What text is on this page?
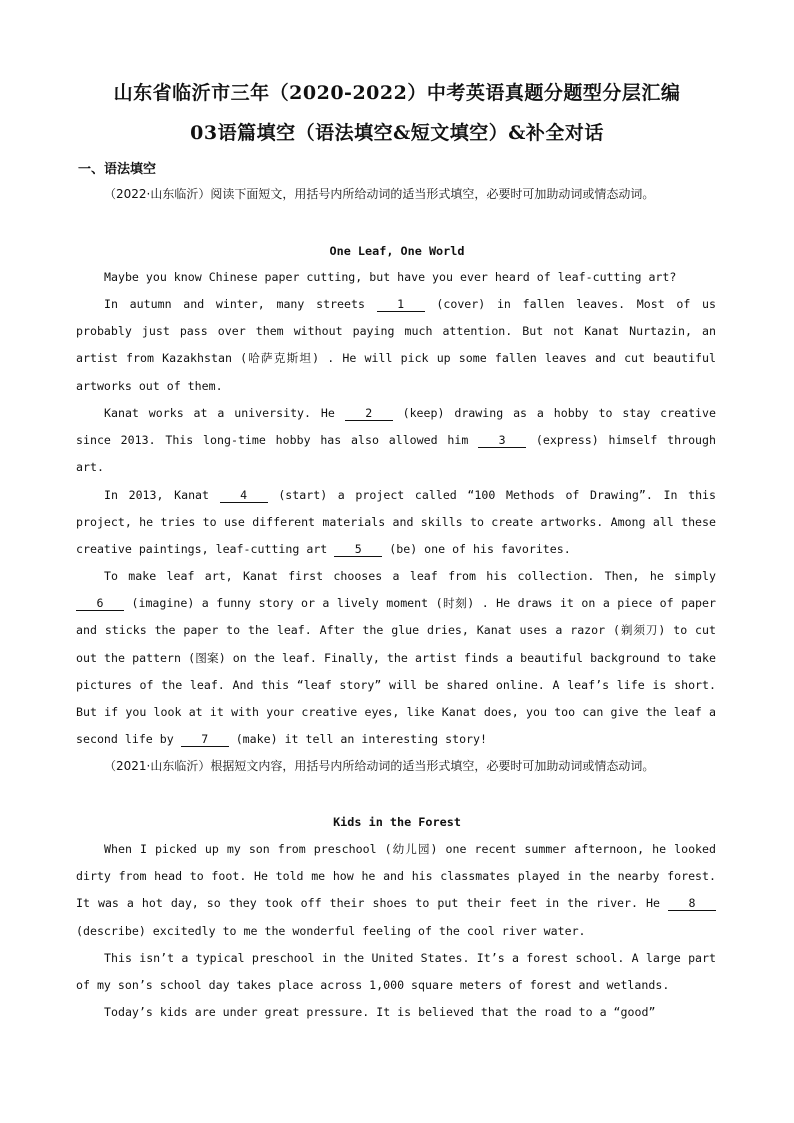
山东省临沂市三年（2020-2022）中考英语真题分题型分层汇编
03语篇填空（语法填空&短文填空）&补全对话
一、语法填空

（2022·山东临沂）阅读下面短文，用括号内所给动词的适当形式填空，必要时可加助动词或情态动词。

One Leaf, One World

Maybe you know Chinese paper cutting, but have you ever heard of leaf-cutting art?

In autumn and winter, many streets	1	(cover) in fallen leaves. Most of us probably just pass over them without paying much attention. But not Kanat Nurtazin, an artist from Kazakhstan (哈萨克斯坦) . He will pick up some fallen leaves and cut beautiful artworks out of them.

Kanat works at a university. He	2	(keep) drawing as a hobby to stay creative since 2013. This long-time hobby has also allowed him	3	(express) himself through art.

In 2013, Kanat	4	(start) a project called “100 Methods of Drawing”. In this project, he tries to use different materials and skills to create artworks. Among all these creative paintings, leaf-cutting art 5 (be) one of his favorites.

To make leaf art, Kanat first chooses a leaf from his collection. Then, he simply 6 (imagine) a funny story or a lively moment (时刻) . He draws it on a piece of paper and sticks the paper to the leaf. After the glue dries, Kanat uses a razor (剃须刀) to cut out the pattern (图案) on the leaf. Finally, the artist finds a beautiful background to take pictures of the leaf. And this “leaf story” will be shared online. A leaf’s life is short. But if you look at it with your creative eyes, like Kanat does, you too can give the leaf a second life by 7 (make) it tell an interesting story!

（2021·山东临沂）根据短文内容，用括号内所给动词的适当形式填空，必要时可加助动词或情态动词。

Kids in the Forest

When I picked up my son from preschool (幼儿园) one recent summer afternoon, he looked dirty from head to foot. He told me how he and his classmates played in the nearby forest. It was a hot day, so they took off their shoes to put their feet in the river. He 8 (describe) excitedly to me the wonderful feeling of the cool river water.

This isn’t a typical preschool in the United States. It’s a forest school. A large part of my son’s school day takes place across 1,000 square meters of forest and wetlands.

Today’s kids are under great pressure. It is believed that the road to a “good”
